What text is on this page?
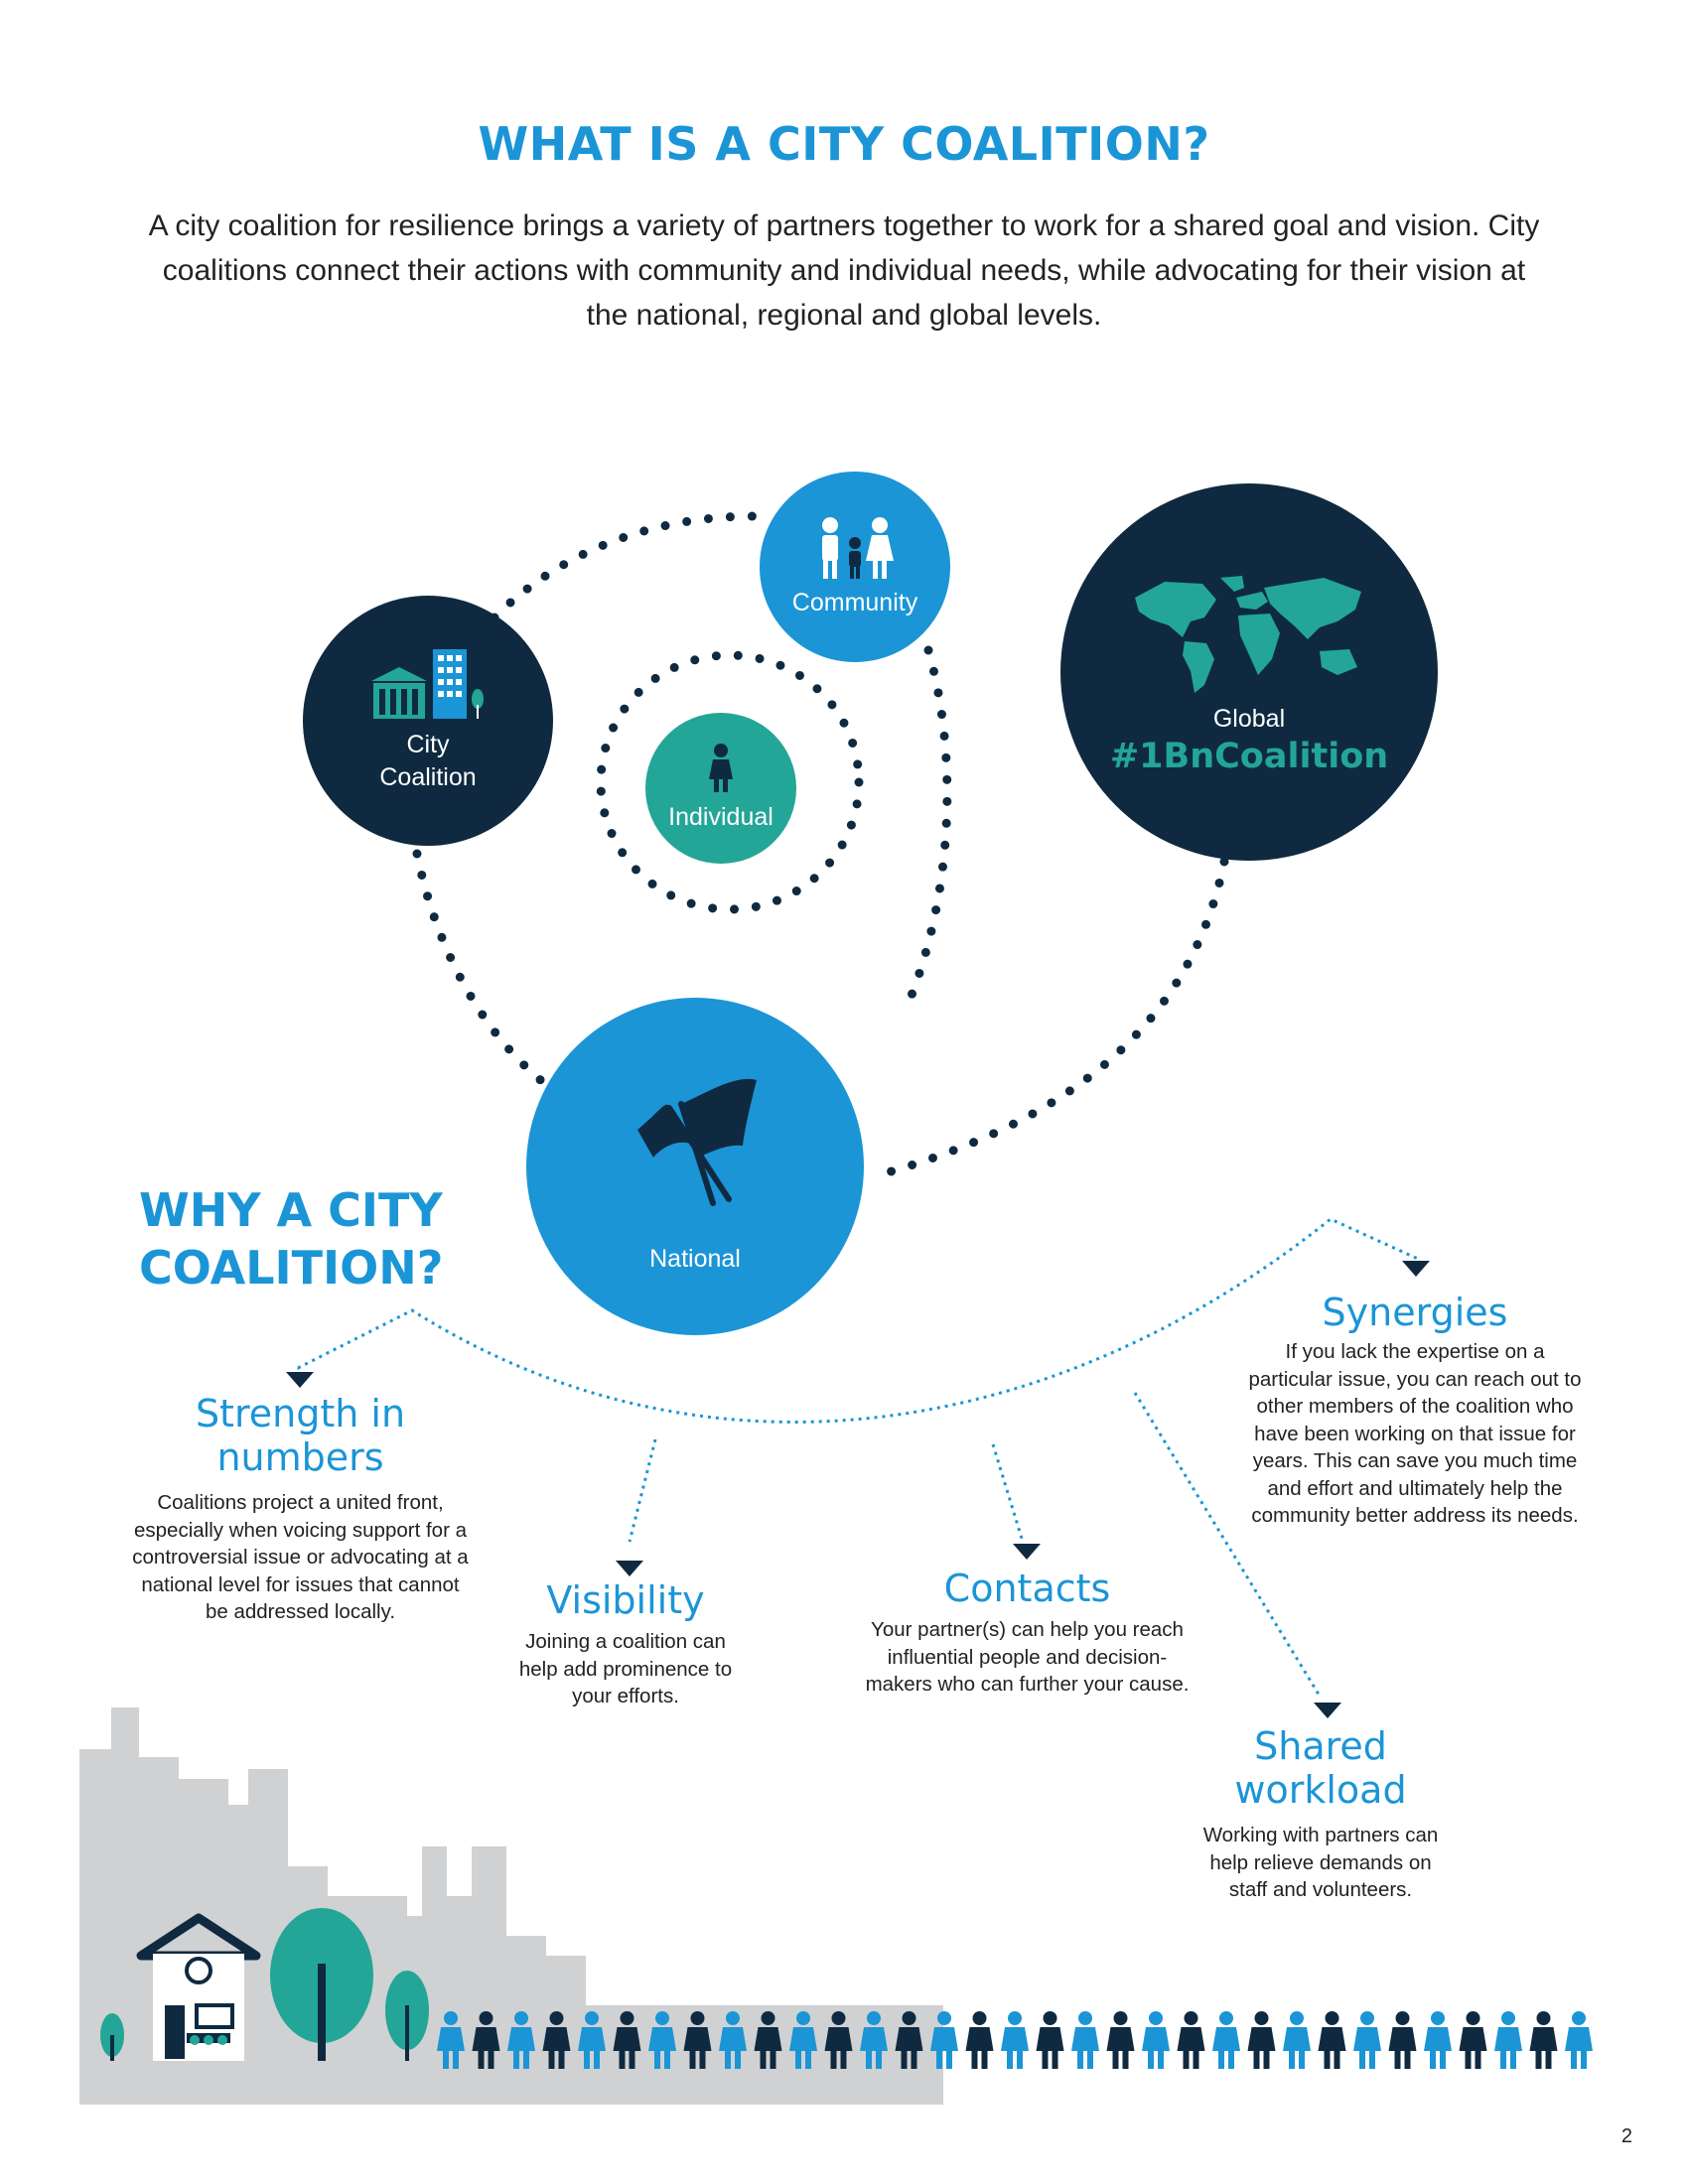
WHAT IS A CITY COALITION?
A city coalition for resilience brings a variety of partners together to work for a shared goal and vision. City coalitions connect their actions with community and individual needs, while advocating for their vision at the national, regional and global levels.
Community
City
Coalition
Individual
Global
#1BnCoalition
National
WHY A CITY COALITION?
Strength in numbers
Coalitions project a united front, especially when voicing support for a controversial issue or advocating at a national level for issues that cannot be addressed locally.	Visibility
Joining a coalition can help add prominence to your efforts.
Contacts
Your partner(s) can help you reach influential people and decision-makers who can further your cause.
Shared workload
Working with partners can help relieve demands on staff and volunteers.
Synergies
If you lack the expertise on a particular issue, you can reach out to other members of the coalition who have been working on that issue for years. This can save you much time and effort and ultimately help the community better address its needs.
2
